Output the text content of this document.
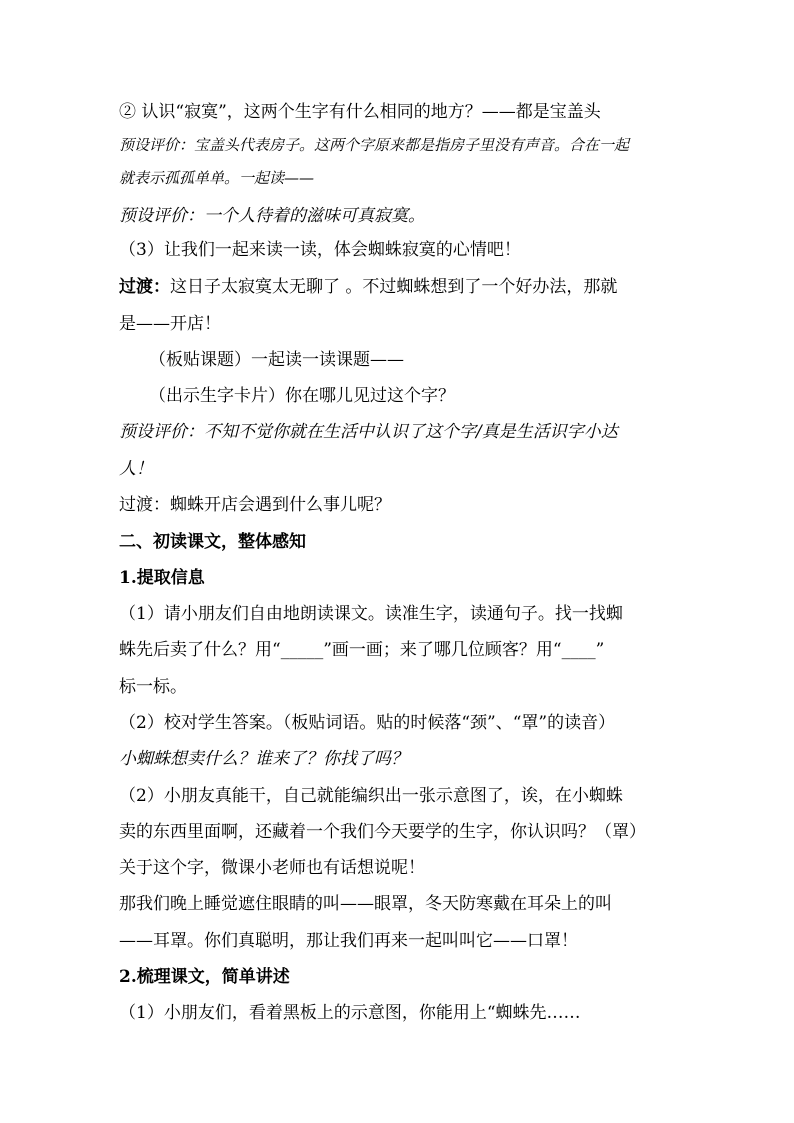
② 认识“寂寞”，这两个生字有什么相同的地方？——都是宝盖头
预设评价：宝盖头代表房子。这两个字原来都是指房子里没有声音。合在一起
就表示孤孤单单。一起读——
预设评价：一个人待着的滋味可真寂寞。
（3）让我们一起来读一读，体会蜘蛛寂寞的心情吧！
过渡：这日子太寂寞太无聊了 。不过蜘蛛想到了一个好办法，那就
是——开店！
（板贴课题）一起读一读课题——
（出示生字卡片）你在哪儿见过这个字？
预设评价：不知不觉你就在生活中认识了这个字/真是生活识字小达
人！
过渡：蜘蛛开店会遇到什么事儿呢？
二、初读课文，整体感知
1.提取信息
（1）请小朋友们自由地朗读课文。读准生字，读通句子。找一找蜘
蛛先后卖了什么？用“_____”画一画；来了哪几位顾客？用“____”
标一标。
（2）校对学生答案。（板贴词语。贴的时候落“颈”、“罩”的读音）
小蜘蛛想卖什么？谁来了？你找了吗？
（2）小朋友真能干，自己就能编织出一张示意图了，诶，在小蜘蛛
卖的东西里面啊，还藏着一个我们今天要学的生字，你认识吗？（罩）
关于这个字，微课小老师也有话想说呢！
那我们晚上睡觉遮住眼睛的叫——眼罩，冬天防寒戴在耳朵上的叫
——耳罩。你们真聪明，那让我们再来一起叫叫它——口罩！
2.梳理课文，简单讲述
（1）小朋友们，看着黑板上的示意图，你能用上“蜘蛛先……
